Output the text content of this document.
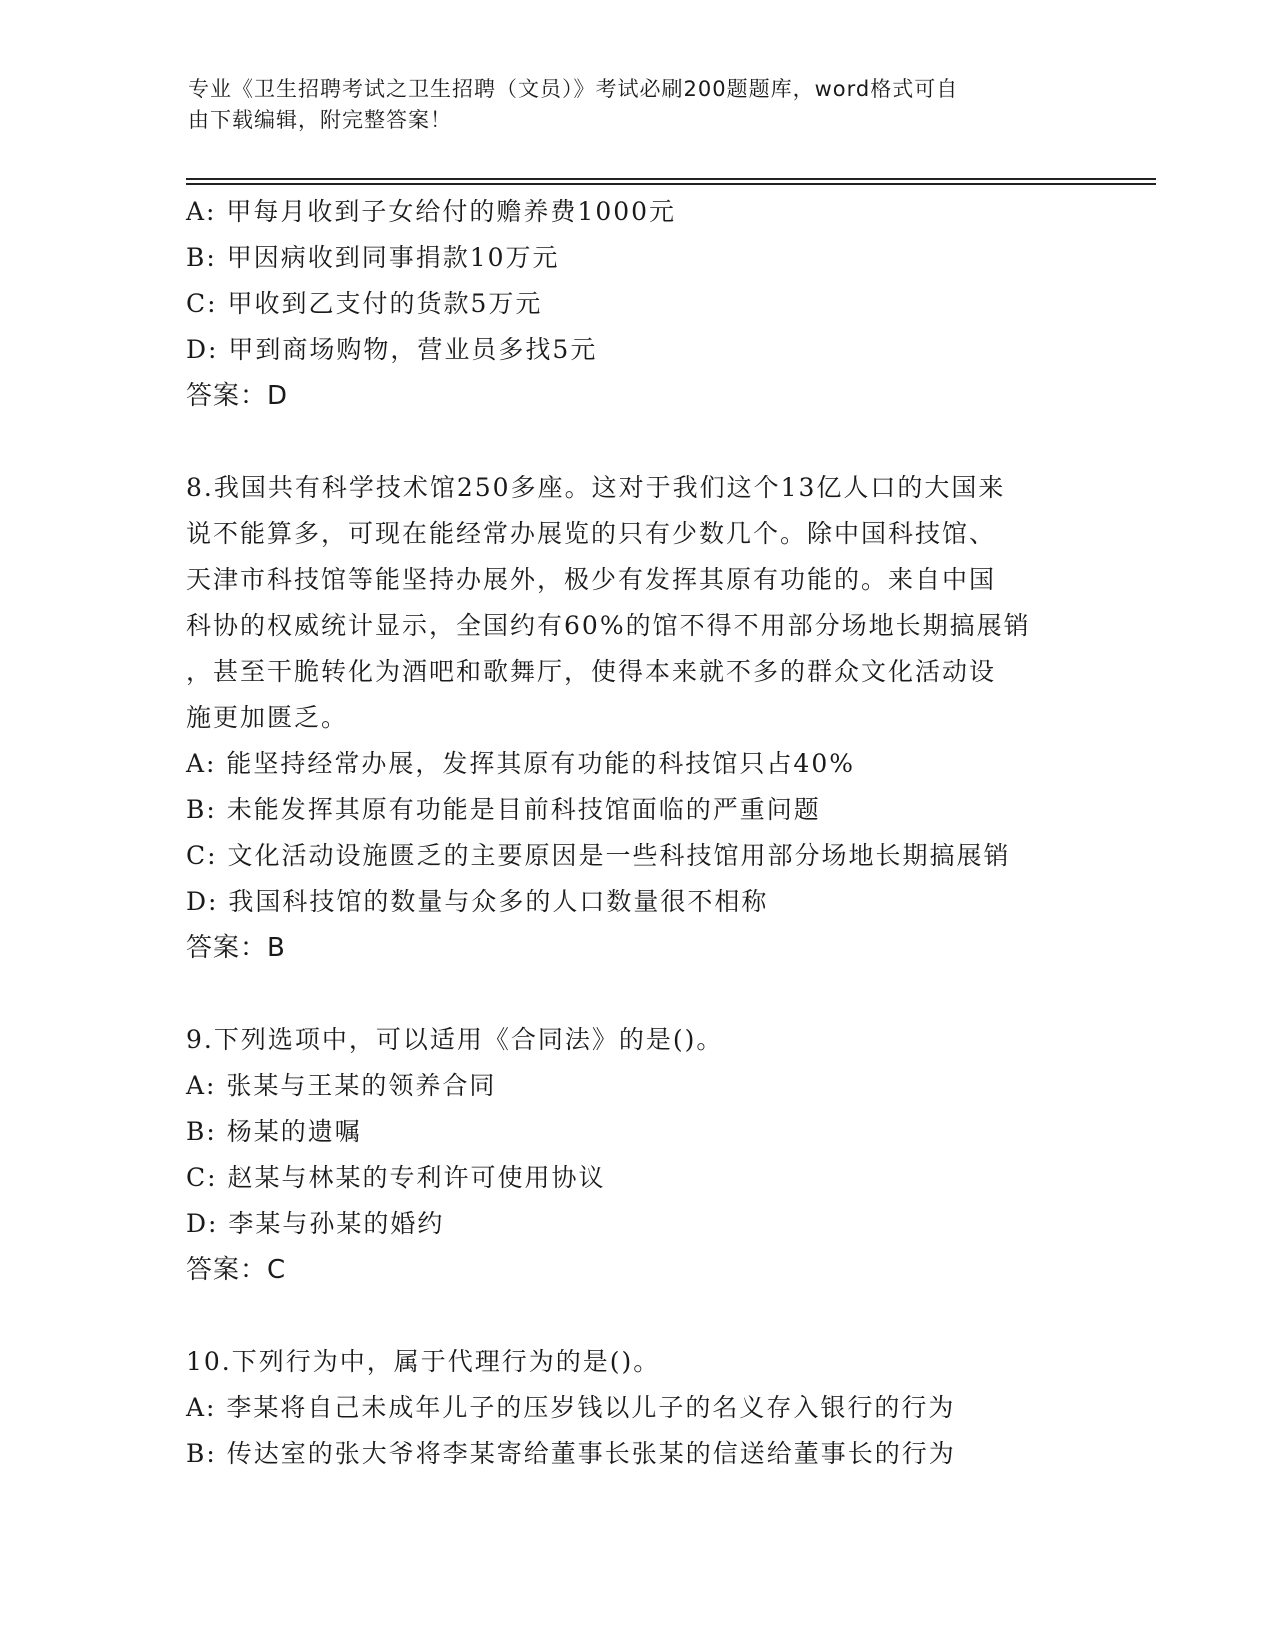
专业《卫生招聘考试之卫生招聘（文员）》考试必刷200题题库，word格式可自
由下载编辑，附完整答案！
A: 甲每月收到子女给付的赡养费1000元
B: 甲因病收到同事捐款10万元
C: 甲收到乙支付的货款5万元
D: 甲到商场购物，营业员多找5元
答案：D
8.我国共有科学技术馆250多座。这对于我们这个13亿人口的大国来
说不能算多，可现在能经常办展览的只有少数几个。除中国科技馆、
天津市科技馆等能坚持办展外，极少有发挥其原有功能的。来自中国
科协的权威统计显示，全国约有60%的馆不得不用部分场地长期搞展销
，甚至干脆转化为酒吧和歌舞厅，使得本来就不多的群众文化活动设
施更加匮乏。
A: 能坚持经常办展，发挥其原有功能的科技馆只占40%
B: 未能发挥其原有功能是目前科技馆面临的严重问题
C: 文化活动设施匮乏的主要原因是一些科技馆用部分场地长期搞展销
D: 我国科技馆的数量与众多的人口数量很不相称
答案：B
9.下列选项中，可以适用《合同法》的是()。
A: 张某与王某的领养合同
B: 杨某的遗嘱
C: 赵某与林某的专利许可使用协议
D: 李某与孙某的婚约
答案：C
10.下列行为中，属于代理行为的是()。
A: 李某将自己未成年儿子的压岁钱以儿子的名义存入银行的行为
B: 传达室的张大爷将李某寄给董事长张某的信送给董事长的行为
